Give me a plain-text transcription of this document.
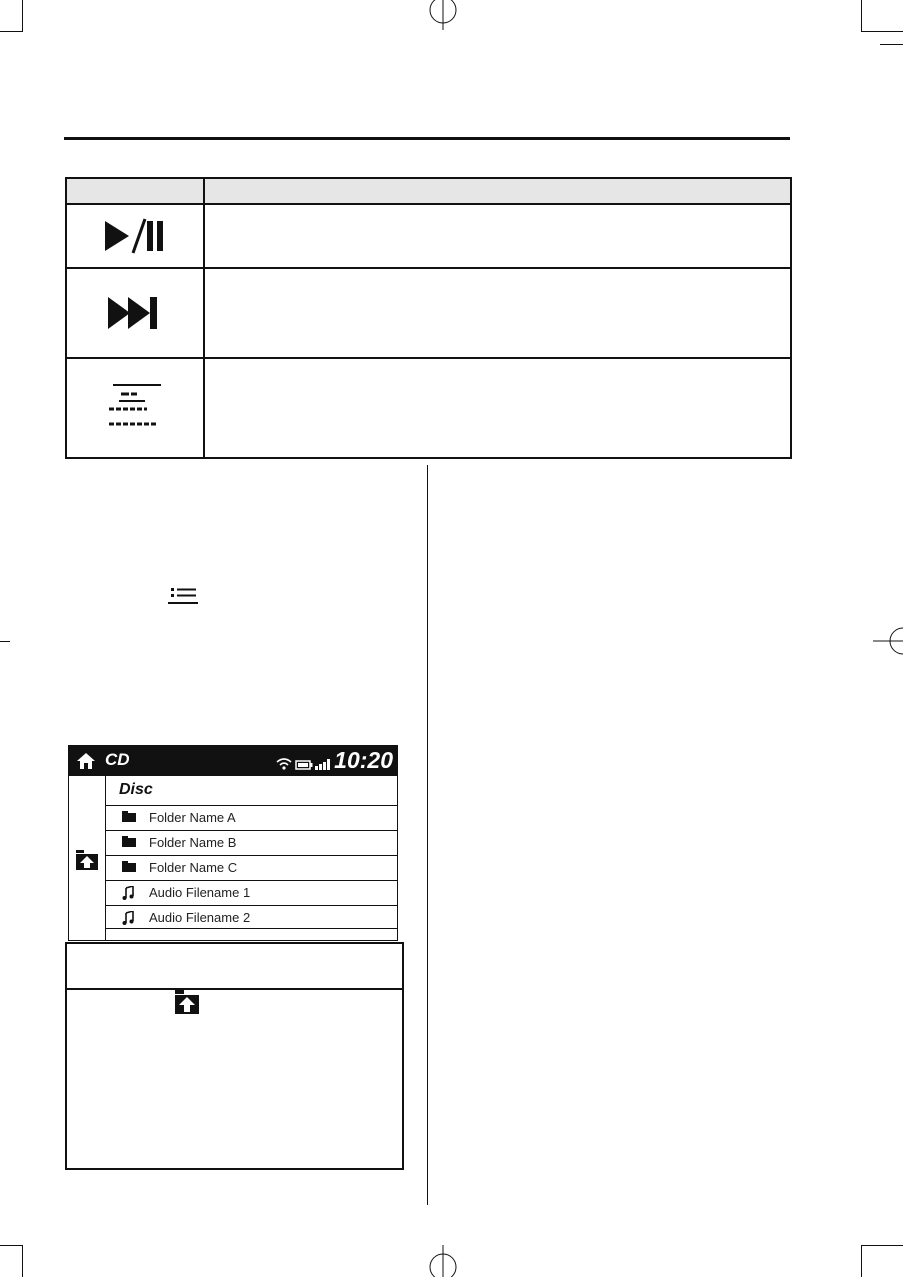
CD	10:20
Disc
Folder Name A
Folder Name B
Folder Name C
Audio Filename 1
Audio Filename 2
